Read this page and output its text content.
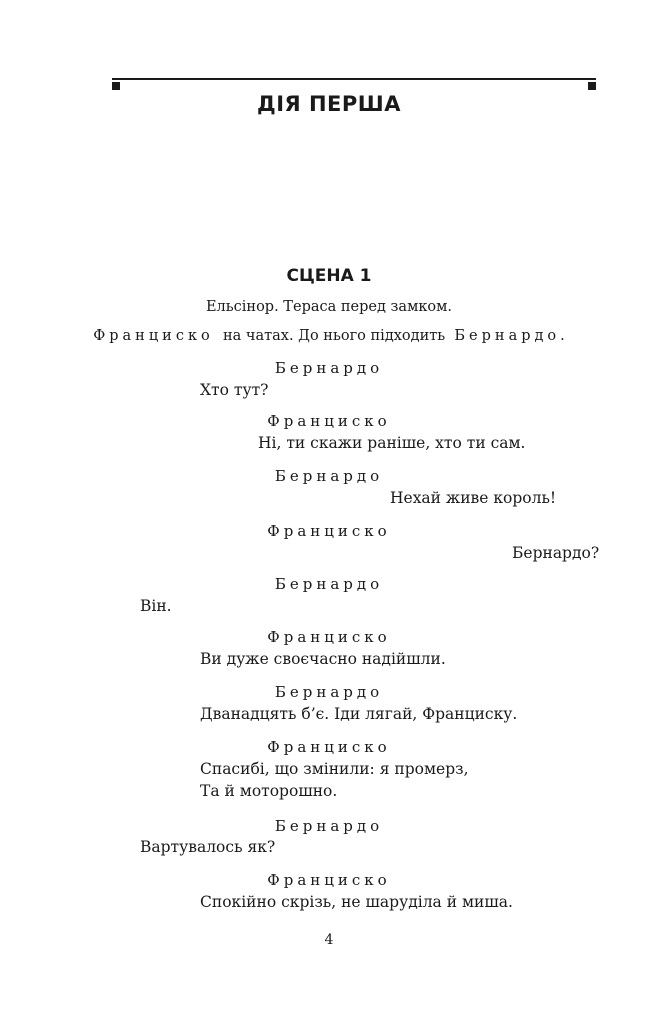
ДІЯ ПЕРША
СЦЕНА 1
Ельсінор. Тераса перед замком.
Франциско на чатах. До нього підходить Бернардо.
Бернардо
Хто тут?
Франциско
Ні, ти скажи раніше, хто ти сам.
Бернардо
Нехай живе король!
Франциско
Бернардо?
Бернардо
Він.
Франциско
Ви дуже своєчасно надійшли.
Бернардо
Дванадцять б’є. Іди лягай, Франциску.
Франциско
Спасибі, що змінили: я промерз,
Та й моторошно.
Бернардо
Вартувалось як?
Франциско
Спокійно скрізь, не шаруділа й миша.
4
